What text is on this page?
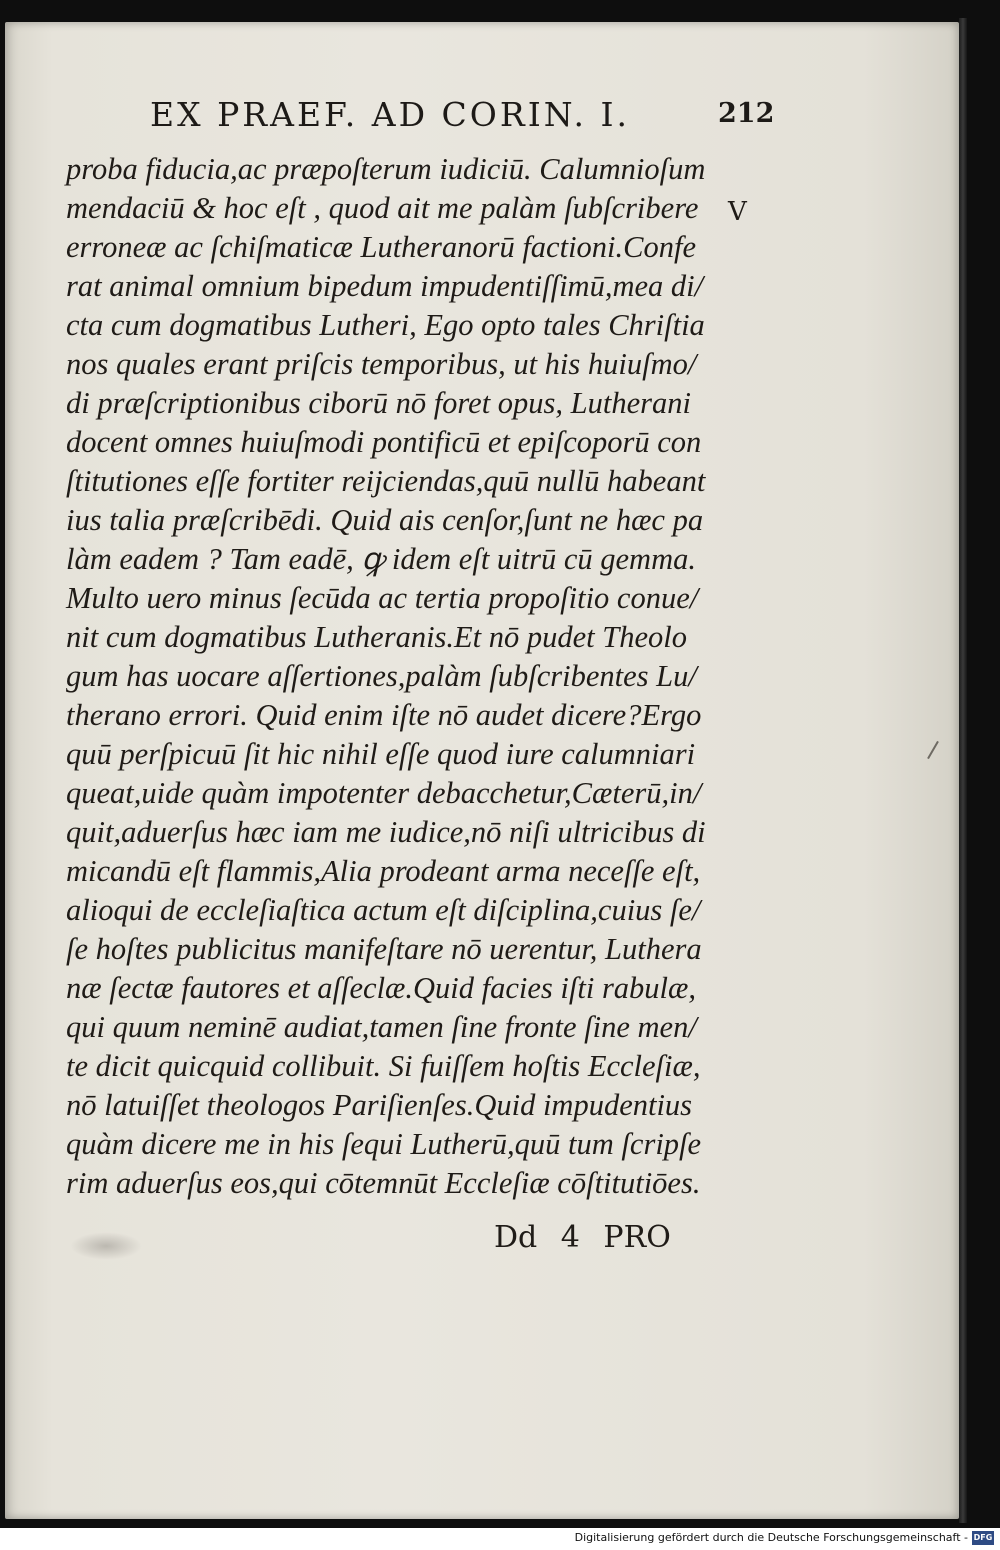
EX PRAEF. AD CORIN. I.	212
V
proba fiducia,ac præpoſterum iudiciū. Calumnioſum
mendaciū & hoc eſt , quod ait me palàm ſubſcribere
erroneæ ac ſchiſmaticæ Lutheranorū factioni.Confe
rat animal omnium bipedum impudentiſſimū,mea di/
cta cum dogmatibus Lutheri, Ego opto tales Chriſtia
nos quales erant priſcis temporibus, ut his huiuſmo/
di præſcriptionibus ciborū nō foret opus, Lutherani
docent omnes huiuſmodi pontificū et epiſcoporū con
ſtitutiones eſſe fortiter reijciendas,quū nullū habeant
ius talia præſcribēdi. Quid ais cenſor,ſunt ne hæc pa
làm eadem ? Tam eadē, ꝙ idem eſt uitrū cū gemma.
Multo uero minus ſecūda ac tertia propoſitio conue/
nit cum dogmatibus Lutheranis.Et nō pudet Theolo
gum has uocare aſſertiones,palàm ſubſcribentes Lu/
therano errori. Quid enim iſte nō audet dicere?Ergo
quū perſpicuū ſit hic nihil eſſe quod iure calumniari
queat,uide quàm impotenter debacchetur,Cæterū,in/
quit,aduerſus hæc iam me iudice,nō niſi ultricibus di
micandū eſt flammis,Alia prodeant arma neceſſe eſt,
alioqui de eccleſiaſtica actum eſt diſciplina,cuius ſe/
ſe hoſtes publicitus manifeſtare nō uerentur, Luthera
næ ſectæ fautores et aſſeclæ.Quid facies iſti rabulæ,
qui quum neminē audiat,tamen ſine fronte ſine men/
te dicit quicquid collibuit. Si fuiſſem hoſtis Eccleſiæ,
nō latuiſſet theologos Pariſienſes.Quid impudentius
quàm dicere me in his ſequi Lutherū,quū tum ſcripſe
rim aduerſus eos,qui cōtemnūt Eccleſiæ cōſtitutiōes.
Dd 4 PRO
Digitalisierung gefördert durch die Deutsche Forschungsgemeinschaft - DFG
